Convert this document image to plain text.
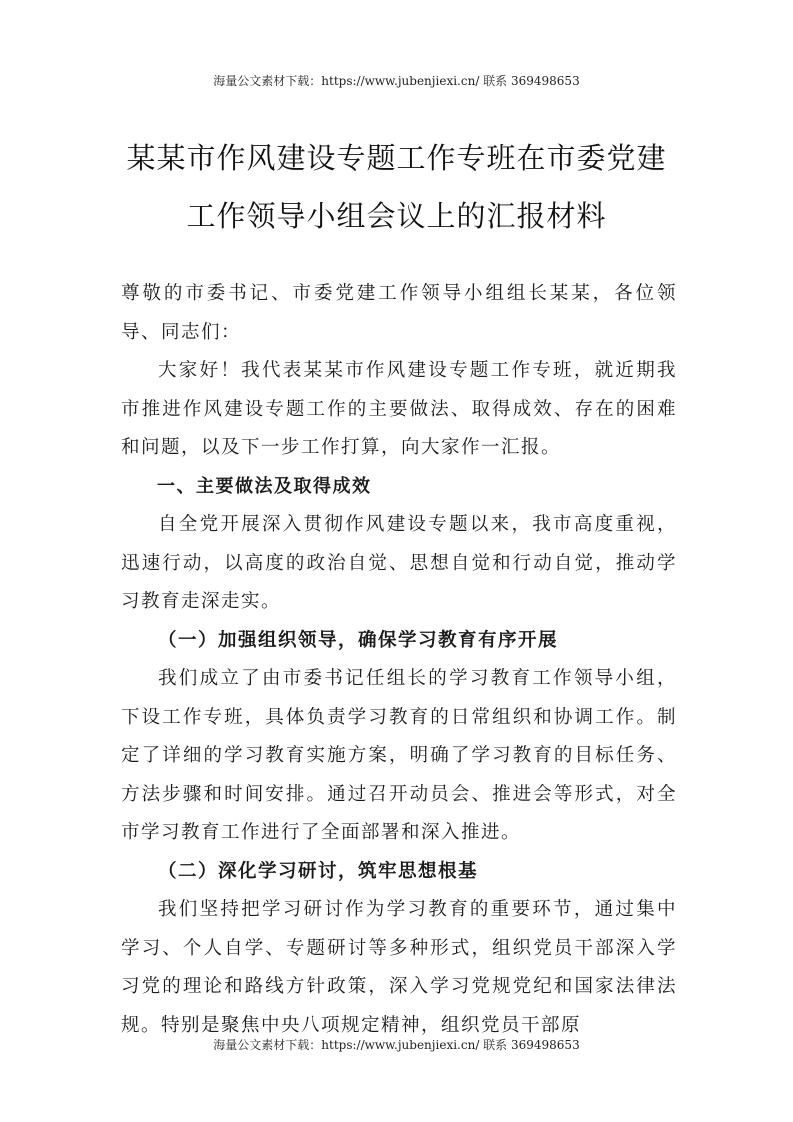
海量公文素材下载：https://www.jubenjiexi.cn/ 联系 369498653
某某市作风建设专题工作专班在市委党建
工作领导小组会议上的汇报材料

尊敬的市委书记、市委党建工作领导小组组长某某，各位领导、同志们：

大家好！我代表某某市作风建设专题工作专班，就近期我市推进作风建设专题工作的主要做法、取得成效、存在的困难和问题，以及下一步工作打算，向大家作一汇报。

一、主要做法及取得成效

自全党开展深入贯彻作风建设专题以来，我市高度重视，迅速行动，以高度的政治自觉、思想自觉和行动自觉，推动学习教育走深走实。

（一）加强组织领导，确保学习教育有序开展

我们成立了由市委书记任组长的学习教育工作领导小组，下设工作专班，具体负责学习教育的日常组织和协调工作。制定了详细的学习教育实施方案，明确了学习教育的目标任务、方法步骤和时间安排。通过召开动员会、推进会等形式，对全市学习教育工作进行了全面部署和深入推进。

（二）深化学习研讨，筑牢思想根基

我们坚持把学习研讨作为学习教育的重要环节，通过集中学习、个人自学、专题研讨等多种形式，组织党员干部深入学习党的理论和路线方针政策，深入学习党规党纪和国家法律法规。特别是聚焦中央八项规定精神，组织党员干部原

海量公文素材下载：https://www.jubenjiexi.cn/ 联系 369498653
